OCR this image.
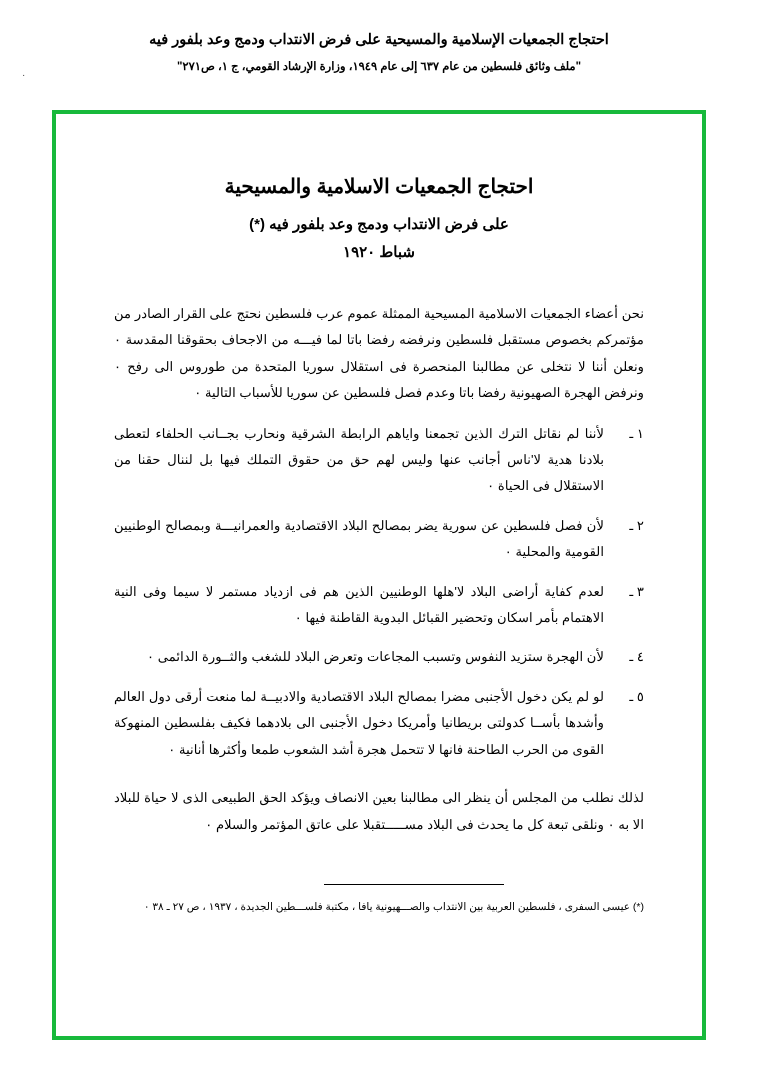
·
احتجاج الجمعيات الإسلامية والمسيحية على فرض الانتداب ودمج وعد بلفور فيه
"ملف وثائق فلسطين من عام ٦٣٧ إلى عام ١٩٤٩، وزارة الإرشاد القومي، ج ١، ص٢٧١"
احتجاج الجمعيات الاسلامية والمسيحية
على فرض الانتداب ودمج وعد بلفور فيه (*)
شباط ١٩٢٠

نحن أعضاء الجمعيات الاسلامية المسيحية الممثلة عموم عرب فلسطين نحتج على القرار الصادر من مؤتمركم بخصوص مستقبل فلسطين ونرفضه رفضا باتا لما فيـــه من الاجحاف بحقوقنا المقدسة ٠ ونعلن أننا لا نتخلى عن مطالبنا المنحصرة فى استقلال سوريا المتحدة من طوروس الى رفح ٠ ونرفض الهجرة الصهيونية رفضا باتا وعدم فصل فلسطين عن سوريا للأسباب التالية ٠

١ ـ
لأننا لم نقاتل الترك الذين تجمعنا واياهم الرابطة الشرقية ونحارب بجــانب الحلفاء لتعطى بلادنا هدية لا'ناس أجانب عنها وليس لهم حق من حقوق التملك فيها بل لننال حقنا من الاستقلال فى الحياة ٠
٢ ـ
لأن فصل فلسطين عن سورية يضر بمصالح البلاد الاقتصادية والعمرانيـــة وبمصالح الوطنيين القومية والمحلية ٠
٣ ـ
لعدم كفاية أراضى البلاد لا'هلها الوطنيين الذين هم فى ازدياد مستمر لا سيما وفى النية الاهتمام بأمر اسكان وتحضير القبائل البدوية القاطنة فيها ٠
٤ ـ
لأن الهجرة ستزيد النفوس وتسبب المجاعات وتعرض البلاد للشغب والثــورة الدائمى ٠
٥ ـ
لو لم يكن دخول الأجنبى مضرا بمصالح البلاد الاقتصادية والادبيــة لما منعت أرقى دول العالم وأشدها بأســا كدولتى بريطانيا وأمريكا دخول الأجنبى الى بلادهما فكيف بفلسطين المنهوكة القوى من الحرب الطاحنة فانها لا تتحمل هجرة أشد الشعوب طمعا وأكثرها أنانية ٠

لذلك نطلب من المجلس أن ينظر الى مطالبنا بعين الانصاف ويؤكد الحق الطبيعى الذى لا حياة للبلاد الا به ٠ ونلقى تبعة كل ما يحدث فى البلاد مســـــتقبلا على عاتق المؤتمر والسلام ٠

(*) عيسى السفرى ، فلسطين العربية بين الانتداب والصـــهيونية يافا ، مكتبة فلســـطين الجديدة ، ١٩٣٧ ، ص ٢٧ ـ ٣٨ ٠
